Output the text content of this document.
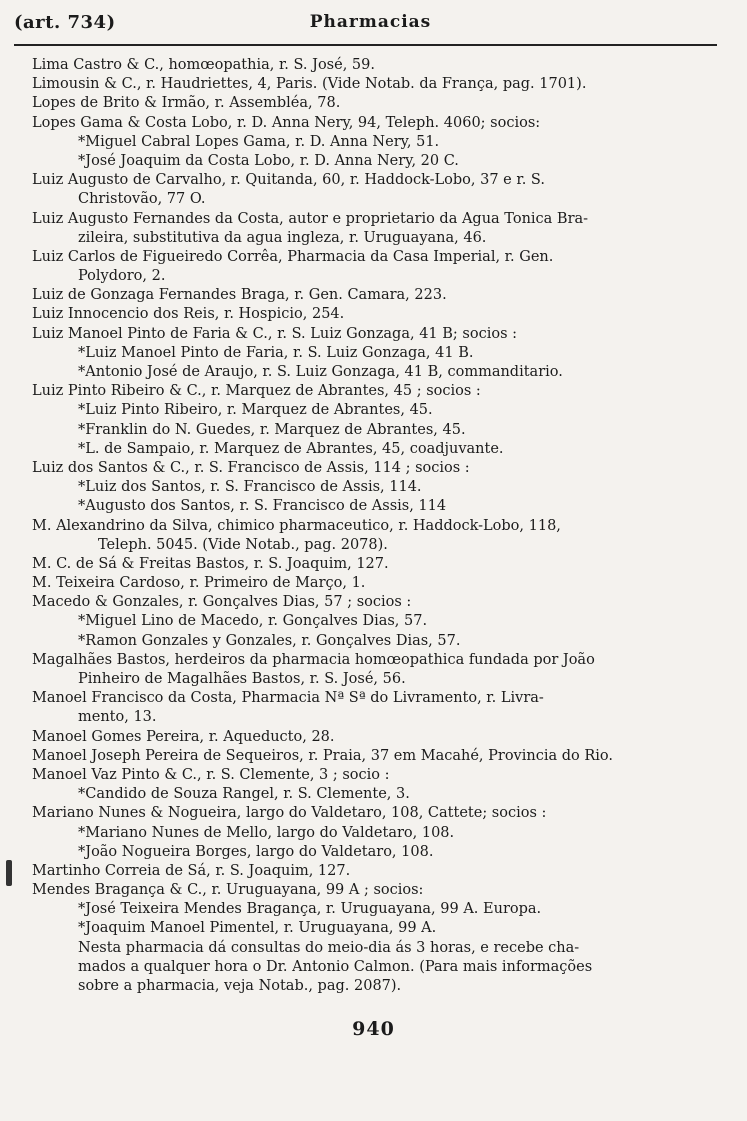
(art. 734)	Pharmacias
Lima Castro & C., homœopathia, r. S. José, 59.
Limousin & C., r. Haudriettes, 4, Paris. (Vide Notab. da França, pag. 1701).
Lopes de Brito & Irmão, r. Assembléa, 78.
Lopes Gama & Costa Lobo, r. D. Anna Nery, 94, Teleph. 4060; socios:
*Miguel Cabral Lopes Gama, r. D. Anna Nery, 51.
*José Joaquim da Costa Lobo, r. D. Anna Nery, 20 C.
Luiz Augusto de Carvalho, r. Quitanda, 60, r. Haddock-Lobo, 37 e r. S.
Christovão, 77 O.
Luiz Augusto Fernandes da Costa, autor e proprietario da Agua Tonica Bra-
zileira, substitutiva da agua ingleza, r. Uruguayana, 46.
Luiz Carlos de Figueiredo Corrêa, Pharmacia da Casa Imperial, r. Gen.
Polydoro, 2.
Luiz de Gonzaga Fernandes Braga, r. Gen. Camara, 223.
Luiz Innocencio dos Reis, r. Hospicio, 254.
Luiz Manoel Pinto de Faria & C., r. S. Luiz Gonzaga, 41 B; socios :
*Luiz Manoel Pinto de Faria, r. S. Luiz Gonzaga, 41 B.
*Antonio José de Araujo, r. S. Luiz Gonzaga, 41 B, commanditario.
Luiz Pinto Ribeiro & C., r. Marquez de Abrantes, 45 ; socios :
*Luiz Pinto Ribeiro, r. Marquez de Abrantes, 45.
*Franklin do N. Guedes, r. Marquez de Abrantes, 45.
*L. de Sampaio, r. Marquez de Abrantes, 45, coadjuvante.
Luiz dos Santos & C., r. S. Francisco de Assis, 114 ; socios :
*Luiz dos Santos, r. S. Francisco de Assis, 114.
*Augusto dos Santos, r. S. Francisco de Assis, 114
M. Alexandrino da Silva, chimico pharmaceutico, r. Haddock-Lobo, 118,
Teleph. 5045. (Vide Notab., pag. 2078).
M. C. de Sá & Freitas Bastos, r. S. Joaquim, 127.
M. Teixeira Cardoso, r. Primeiro de Março, 1.
Macedo & Gonzales, r. Gonçalves Dias, 57 ; socios :
*Miguel Lino de Macedo, r. Gonçalves Dias, 57.
*Ramon Gonzales y Gonzales, r. Gonçalves Dias, 57.
Magalhães Bastos, herdeiros da pharmacia homœopathica fundada por João
Pinheiro de Magalhães Bastos, r. S. José, 56.
Manoel Francisco da Costa, Pharmacia Nª Sª do Livramento, r. Livra-
mento, 13.
Manoel Gomes Pereira, r. Aqueducto, 28.
Manoel Joseph Pereira de Sequeiros, r. Praia, 37 em Macahé, Provincia do Rio.
Manoel Vaz Pinto & C., r. S. Clemente, 3 ; socio :
*Candido de Souza Rangel, r. S. Clemente, 3.
Mariano Nunes & Nogueira, largo do Valdetaro, 108, Cattete; socios :
*Mariano Nunes de Mello, largo do Valdetaro, 108.
*João Nogueira Borges, largo do Valdetaro, 108.
Martinho Correia de Sá, r. S. Joaquim, 127.
Mendes Bragança & C., r. Uruguayana, 99 A ; socios:
*José Teixeira Mendes Bragança, r. Uruguayana, 99 A. Europa.
*Joaquim Manoel Pimentel, r. Uruguayana, 99 A.
Nesta pharmacia dá consultas do meio-dia ás 3 horas, e recebe cha-
mados a qualquer hora o Dr. Antonio Calmon. (Para mais informações
sobre a pharmacia, veja Notab., pag. 2087).
940
